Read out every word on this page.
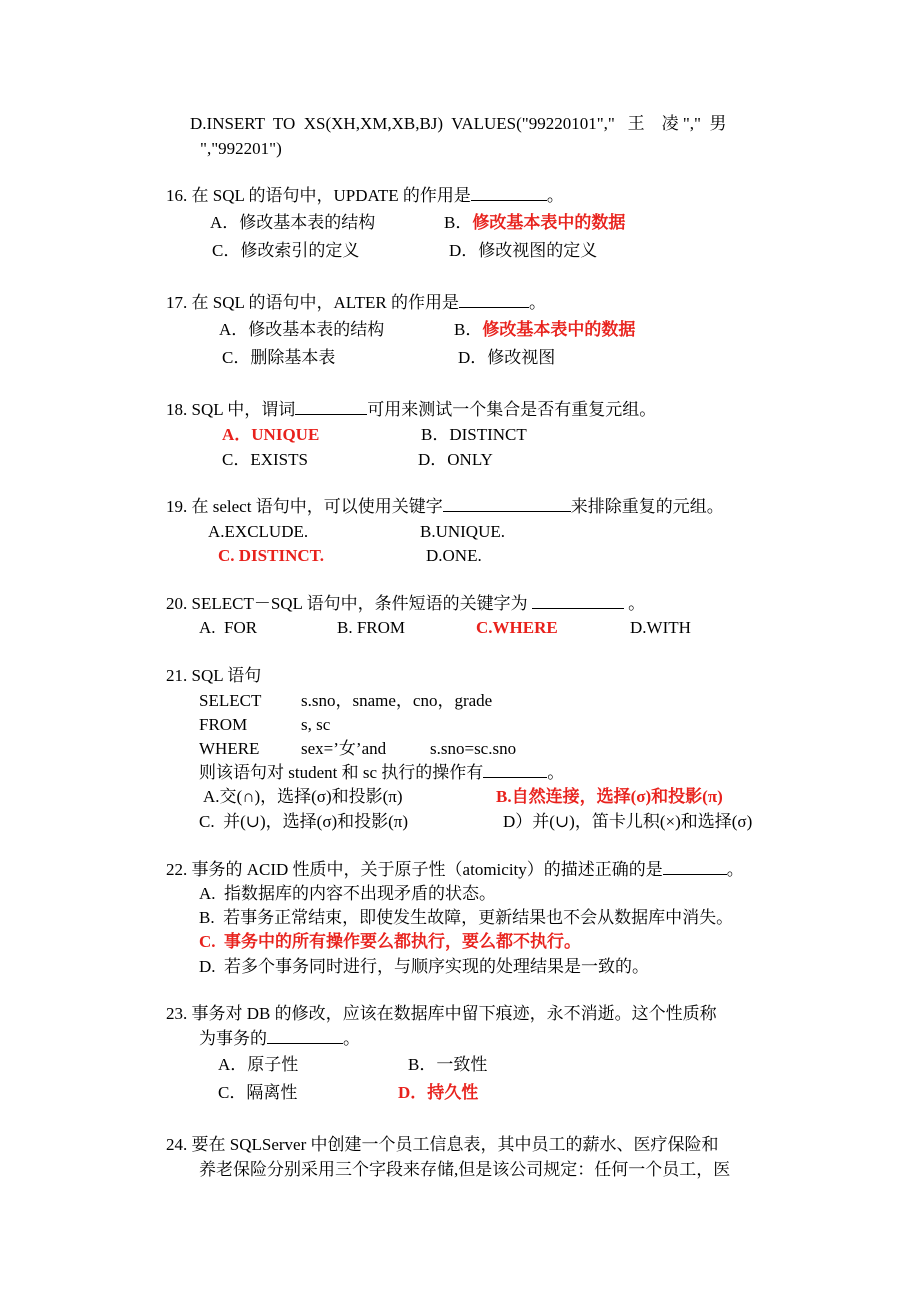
D.INSERT  TO  XS(XH,XM,XB,BJ)  VALUES("99220101","   王    凌 ","  男
","992201")
16. 在 SQL 的语句中，UPDATE 的作用是	。
A．修改基本表的结构	B．修改基本表中的数据
C．修改索引的定义	D．修改视图的定义
17. 在 SQL 的语句中，ALTER 的作用是	。
A．修改基本表的结构	B．修改基本表中的数据
C．删除基本表	D．修改视图
18. SQL 中，谓词	可用来测试一个集合是否有重复元组。
A．UNIQUE	B．DISTINCT
C．EXISTS	D．ONLY
19. 在 select 语句中，可以使用关键字	来排除重复的元组。
A.EXCLUDE.	B.UNIQUE.
C. DISTINCT.	D.ONE.
20. SELECT－SQL 语句中，条件短语的关键字为	。
A.  FOR	B. FROM	C.WHERE	D.WITH
21. SQL 语句
SELECT s.sno，sname，cno，grade
FROM	s, sc
WHERE sex=’女’and	s.sno=sc.sno
则该语句对 student 和 sc 执行的操作有	。
A.交(∩)，选择(σ)和投影(π)	B.自然连接，选择(σ)和投影(π)
C.  并(∪)，选择(σ)和投影(π)	D）并(∪)，笛卡儿积(×)和选择(σ)
22. 事务的 ACID 性质中，关于原子性（atomicity）的描述正确的是	。
A.  指数据库的内容不出现矛盾的状态。
B.  若事务正常结束，即使发生故障，更新结果也不会从数据库中消失。
C.  事务中的所有操作要么都执行，要么都不执行。
D.  若多个事务同时进行，与顺序实现的处理结果是一致的。
23. 事务对 DB 的修改，应该在数据库中留下痕迹，永不消逝。这个性质称
为事务的	。
A．原子性	B．一致性
C．隔离性	D．持久性
24. 要在 SQLServer 中创建一个员工信息表，其中员工的薪水、医疗保险和
养老保险分别采用三个字段来存储,但是该公司规定：任何一个员工，医
